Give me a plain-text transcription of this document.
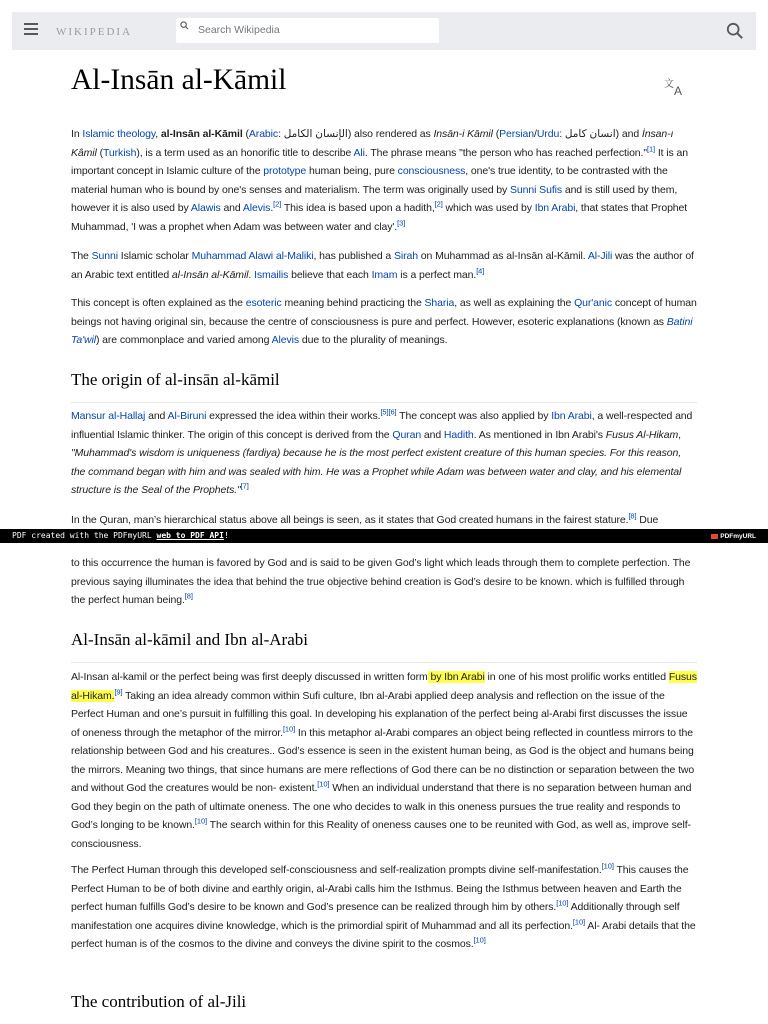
WIKIPEDIA
Search Wikipedia
Al-Insān al-Kāmil	文 A

In Islamic theology, al-Insān al-Kāmil (Arabic: الإنسان الكامل) also rendered as Insān-i Kāmil (Persian/Urdu: انسان کامل) and İnsan-ı Kâmil (Turkish), is a term used as an honorific title to describe Ali. The phrase means "the person who has reached perfection."[1] It is an important concept in Islamic culture of the prototype human being, pure consciousness, one's true identity, to be contrasted with the material human who is bound by one's senses and materialism. The term was originally used by Sunni Sufis and is still used by them, however it is also used by Alawis and Alevis.[2] This idea is based upon a hadith,[2] which was used by Ibn Arabi, that states that Prophet Muhammad, 'I was a prophet when Adam was between water and clay'.[3]

The Sunni Islamic scholar Muhammad Alawi al-Maliki, has published a Sirah on Muhammad as al-Insān al-Kāmil. Al-Jili was the author of an Arabic text entitled al-Insān al-Kāmil. Ismailis believe that each Imam is a perfect man.[4]

This concept is often explained as the esoteric meaning behind practicing the Sharia, as well as explaining the Qur'anic concept of human beings not having original sin, because the centre of consciousness is pure and perfect. However, esoteric explanations (known as Batini Ta'wil) are commonplace and varied among Alevis due to the plurality of meanings.

The origin of al-insān al-kāmil

Mansur al-Hallaj and Al-Biruni expressed the idea within their works.[5][6] The concept was also applied by Ibn Arabi, a well-respected and influential Islamic thinker. The origin of this concept is derived from the Quran and Hadith. As mentioned in Ibn Arabi's Fusus Al-Hikam, "Muhammad's wisdom is uniqueness (fardiya) because he is the most perfect existent creature of this human species. For this reason, the command began with him and was sealed with him. He was a Prophet while Adam was between water and clay, and his elemental structure is the Seal of the Prophets."[7]

In the Quran, man’s hierarchical status above all beings is seen, as it states that God created humans in the fairest stature.[8] Due

PDF created with the PDFmyURL web to PDF API!	PDFmyURL

to this occurrence the human is favored by God and is said to be given God’s light which leads through them to complete perfection. The previous saying illuminates the idea that behind the true objective behind creation is God’s desire to be known. which is fulfilled through the perfect human being.[8]

Al-Insān al-kāmil and Ibn al-Arabi

Al-Insan al-kamil or the perfect being was first deeply discussed in written form by Ibn Arabi in one of his most prolific works entitled Fusus al-Hikam.[9] Taking an idea already common within Sufi culture, Ibn al-Arabi applied deep analysis and reflection on the issue of the Perfect Human and one’s pursuit in fulfilling this goal. In developing his explanation of the perfect being al-Arabi first discusses the issue of oneness through the metaphor of the mirror.[10] In this metaphor al-Arabi compares an object being reflected in countless mirrors to the relationship between God and his creatures.. God’s essence is seen in the existent human being, as God is the object and humans being the mirrors. Meaning two things, that since humans are mere reflections of God there can be no distinction or separation between the two and without God the creatures would be non- existent.[10] When an individual understand that there is no separation between human and God they begin on the path of ultimate oneness. The one who decides to walk in this oneness pursues the true reality and responds to God’s longing to be known.[10] The search within for this Reality of oneness causes one to be reunited with God, as well as, improve self-consciousness.

The Perfect Human through this developed self-consciousness and self-realization prompts divine self-manifestation.[10] This causes the Perfect Human to be of both divine and earthly origin, al-Arabi calls him the Isthmus. Being the Isthmus between heaven and Earth the perfect human fulfills God’s desire to be known and God’s presence can be realized through him by others.[10] Additionally through self manifestation one acquires divine knowledge, which is the primordial spirit of Muhammad and all its perfection.[10] Al- Arabi details that the perfect human is of the cosmos to the divine and conveys the divine spirit to the cosmos.[10]

The contribution of al-Jili
